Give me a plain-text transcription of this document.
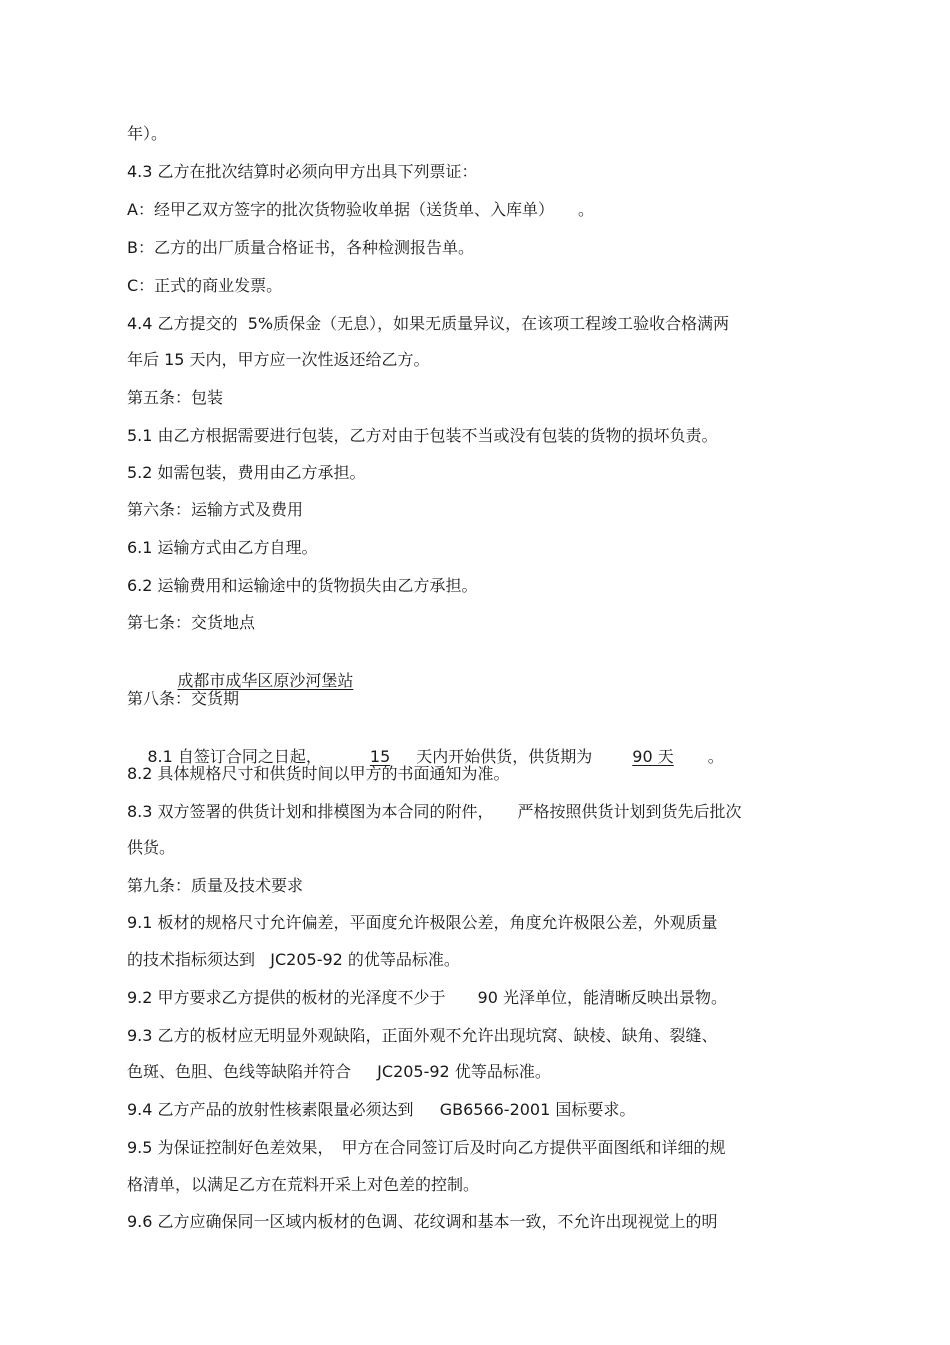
年）。
4.3 乙方在批次结算时必须向甲方出具下列票证：
A：经甲乙双方签字的批次货物验收单据（送货单、入库单）　　。
B：乙方的出厂质量合格证书，各种检测报告单。
C：正式的商业发票。
4.4 乙方提交的  5%质保金（无息），如果无质量异议，在该项工程竣工验收合格满两
年后 15 天内，甲方应一次性返还给乙方。
第五条：包装
5.1 由乙方根据需要进行包装，乙方对由于包装不当或没有包装的货物的损坏负责。
5.2 如需包装，费用由乙方承担。
第六条：运输方式及费用
6.1 运输方式由乙方自理。
6.2 运输费用和运输途中的货物损失由乙方承担。
第七条：交货地点

成都市成华区原沙河堡站

第八条：交货期

8.1 自签订合同之日起，	15 天内开始供货，供货期为	90 天 。

8.2 具体规格尺寸和供货时间以甲方的书面通知为准。
8.3 双方签署的供货计划和排模图为本合同的附件，　　严格按照供货计划到货先后批次
供货。
第九条：质量及技术要求
9.1 板材的规格尺寸允许偏差，平面度允许极限公差，角度允许极限公差，外观质量
的技术指标须达到   JC205-92 的优等品标准。
9.2 甲方要求乙方提供的板材的光泽度不少于　　90 光泽单位，能清晰反映出景物。
9.3 乙方的板材应无明显外观缺陷，正面外观不允许出现坑窝、缺棱、缺角、裂缝、
色斑、色胆、色线等缺陷并符合　  JC205-92 优等品标准。
9.4 乙方产品的放射性核素限量必须达到　  GB6566-2001 国标要求。
9.5 为保证控制好色差效果，　甲方在合同签订后及时向乙方提供平面图纸和详细的规
格清单，以满足乙方在荒料开采上对色差的控制。
9.6 乙方应确保同一区域内板材的色调、花纹调和基本一致，不允许出现视觉上的明
